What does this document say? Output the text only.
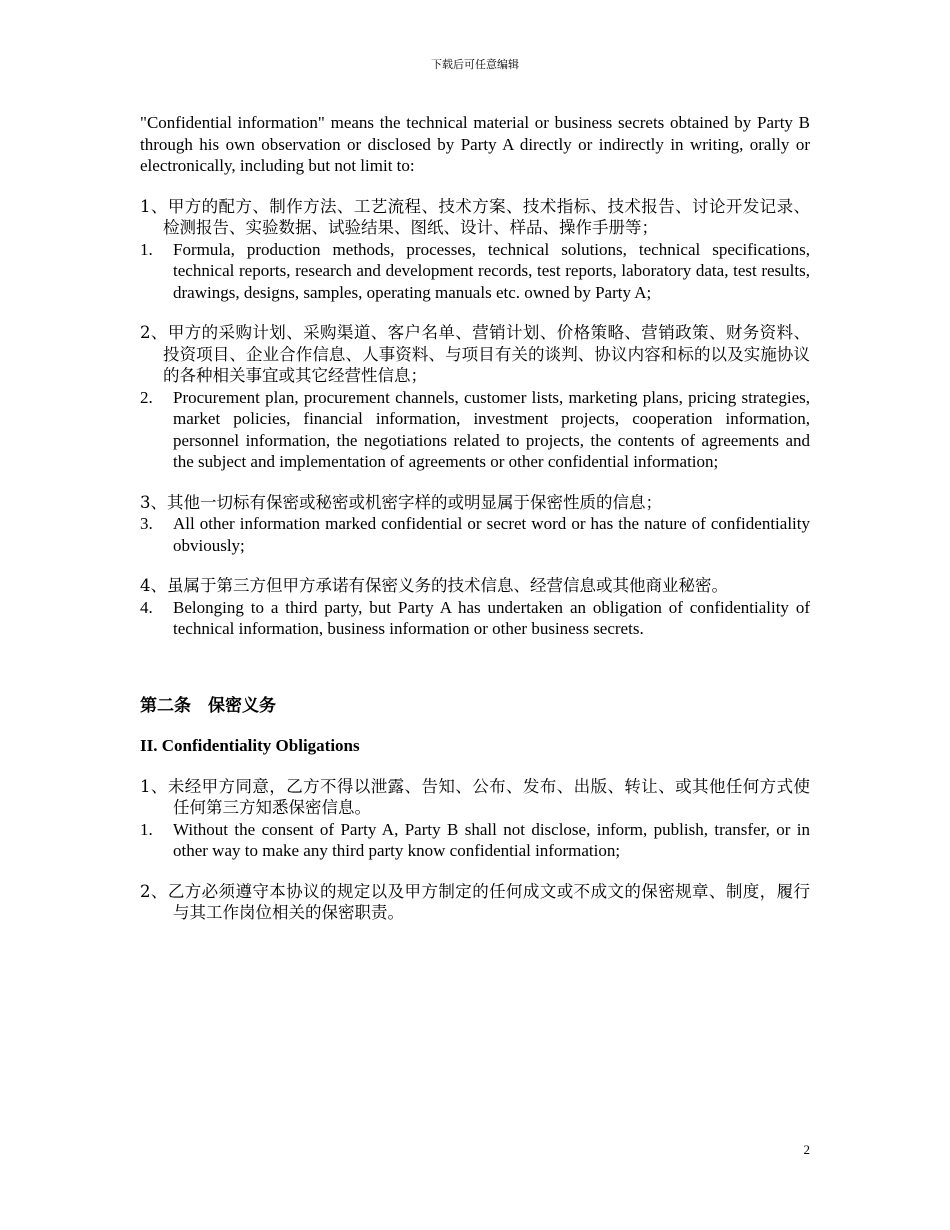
下载后可任意编辑

"Confidential information" means the technical material or business secrets obtained by Party B through his own observation or disclosed by Party A directly or indirectly in writing, orally or electronically, including but not limit to:

1、甲方的配方、制作方法、工艺流程、技术方案、技术指标、技术报告、讨论开发记录、检测报告、实验数据、试验结果、图纸、设计、样品、操作手册等；

1.	Formula, production methods, processes, technical solutions, technical specifications, technical reports, research and development records, test reports, laboratory data, test results, drawings, designs, samples, operating manuals etc. owned by Party A;

2、甲方的采购计划、采购渠道、客户名单、营销计划、价格策略、营销政策、财务资料、投资项目、企业合作信息、人事资料、与项目有关的谈判、协议内容和标的以及实施协议的各种相关事宜或其它经营性信息；

2.	Procurement plan, procurement channels, customer lists, marketing plans, pricing strategies, market policies, financial information, investment projects, cooperation information, personnel information, the negotiations related to projects, the contents of agreements and the subject and implementation of agreements or other confidential information;

3、其他一切标有保密或秘密或机密字样的或明显属于保密性质的信息；

3.	All other information marked confidential or secret word or has the nature of confidentiality obviously;

4、虽属于第三方但甲方承诺有保密义务的技术信息、经营信息或其他商业秘密。

4.	Belonging to a third party, but Party A has undertaken an obligation of confidentiality of technical information, business information or other business secrets.

第二条　保密义务

II. Confidentiality Obligations

1、未经甲方同意，乙方不得以泄露、告知、公布、发布、出版、转让、或其他任何方式使任何第三方知悉保密信息。

1.	Without the consent of Party A, Party B shall not disclose, inform, publish, transfer, or in other way to make any third party know confidential information;

2、乙方必须遵守本协议的规定以及甲方制定的任何成文或不成文的保密规章、制度，履行与其工作岗位相关的保密职责。

2
